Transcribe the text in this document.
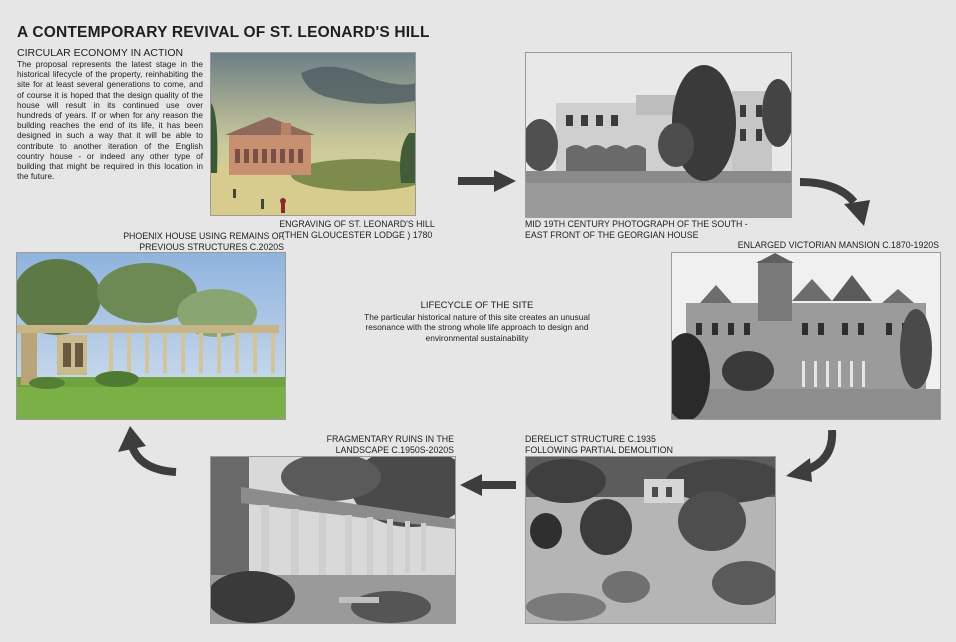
A CONTEMPORARY REVIVAL OF ST. LEONARD'S HILL
CIRCULAR ECONOMY IN ACTION
The proposal represents the latest stage in the historical lifecycle of the property, reinhabiting the site for at least several generations to come, and of course it is hoped that the design quality of the house will result in its continued use over hundreds of years. If or when for any reason the building reaches the end of its life, it has been designed in such a way that it will be able to contribute to another iteration of the English country house - or indeed any other type of building that might be required in this location in the future.
ENGRAVING OF ST. LEONARD'S HILL
(THEN GLOUCESTER LODGE ) 1780
MID 19TH CENTURY PHOTOGRAPH OF THE SOUTH -
EAST FRONT OF THE GEORGIAN HOUSE
ENLARGED VICTORIAN MANSION C.1870-1920S
DERELICT STRUCTURE C.1935
FOLLOWING PARTIAL DEMOLITION
FRAGMENTARY RUINS IN THE
LANDSCAPE C.1950S-2020S
PHOENIX HOUSE USING REMAINS OF
PREVIOUS STRUCTURES C.2020S
LIFECYCLE OF THE SITE
The particular historical nature of this site creates an unusual resonance with the strong whole life approach to design and environmental sustainability
